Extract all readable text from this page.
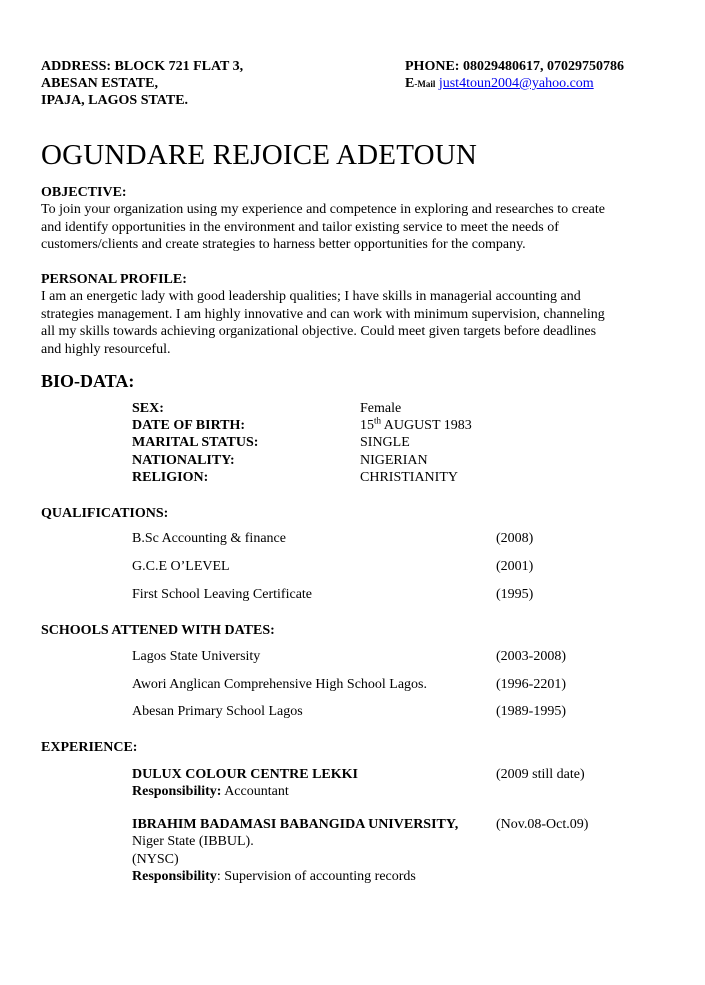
ADDRESS: BLOCK 721 FLAT 3,
ABESAN ESTATE,
IPAJA, LAGOS STATE.
PHONE: 08029480617, 07029750786
E-Mail just4toun2004@yahoo.com
OGUNDARE REJOICE ADETOUN
OBJECTIVE:
To join your organization using my experience and competence in exploring and researches to create
and identify opportunities in the environment and tailor existing service to meet the needs of
customers/clients and create strategies to harness better opportunities for the company.
PERSONAL PROFILE:
I am an energetic lady with good leadership qualities; I have skills in managerial accounting and
strategies management. I am highly innovative and can work with minimum supervision, channeling
all my skills towards achieving organizational objective. Could meet given targets before deadlines
and highly resourceful.
BIO-DATA:
SEX:	Female
DATE OF BIRTH:	15th AUGUST 1983
MARITAL STATUS:	SINGLE
NATIONALITY:	NIGERIAN
RELIGION:	CHRISTIANITY
QUALIFICATIONS:
B.Sc Accounting & finance	(2008)
G.C.E O’LEVEL	(2001)
First School Leaving Certificate	(1995)
SCHOOLS ATTENED WITH DATES:
Lagos State University	(2003-2008)
Awori Anglican Comprehensive High School Lagos.	(1996-2201)
Abesan Primary School Lagos	(1989-1995)
EXPERIENCE:
DULUX COLOUR CENTRE LEKKI	(2009 still date)
Responsibility: Accountant
IBRAHIM BADAMASI BABANGIDA UNIVERSITY,	(Nov.08-Oct.09)
Niger State (IBBUL).
(NYSC)
Responsibility: Supervision of accounting records
